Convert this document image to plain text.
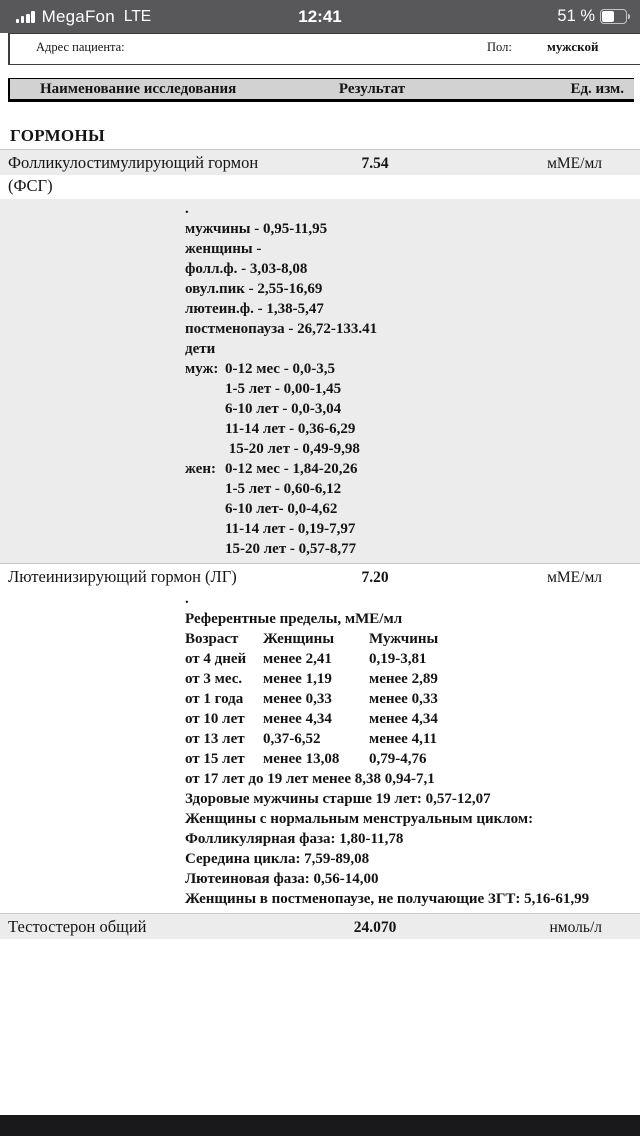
MegaFon LTE	12:41	51 %
Адрес пациента:	Пол:	мужской
Наименование исследования	Результат	Ед. изм.
ГОРМОНЫ
Фолликулостимулирующий гормон	7.54	мМЕ/мл
(ФСГ)
.
мужчины - 0,95-11,95
женщины -
фолл.ф. - 3,03-8,08
овул.пик - 2,55-16,69
лютеин.ф. - 1,38-5,47
постменопауза - 26,72-133.41
дети
муж: 0-12 мес - 0,0-3,5
1-5 лет - 0,00-1,45
6-10 лет - 0,0-3,04
11-14 лет - 0,36-6,29
15-20 лет - 0,49-9,98
жен: 0-12 мес - 1,84-20,26
1-5 лет - 0,60-6,12
6-10 лет- 0,0-4,62
11-14 лет - 0,19-7,97
15-20 лет - 0,57-8,77
Лютеинизирующий гормон (ЛГ)	7.20	мМЕ/мл
.
Референтные пределы, мМЕ/мл
Возраст Женщины Мужчины
от 4 дней менее 2,41 0,19-3,81
от 3 мес. менее 1,19 менее 2,89
от 1 года менее 0,33 менее 0,33
от 10 лет менее 4,34 менее 4,34
от 13 лет 0,37-6,52	менее 4,11
от 15 лет менее 13,08 0,79-4,76
от 17 лет до 19 лет менее 8,38 0,94-7,1
Здоровые мужчины старше 19 лет: 0,57-12,07
Женщины с нормальным менструальным циклом:
Фолликулярная фаза: 1,80-11,78
Середина цикла: 7,59-89,08
Лютеиновая фаза: 0,56-14,00
Женщины в постменопаузе, не получающие ЗГТ: 5,16-61,99
Тестостерон общий	24.070	нмоль/л
